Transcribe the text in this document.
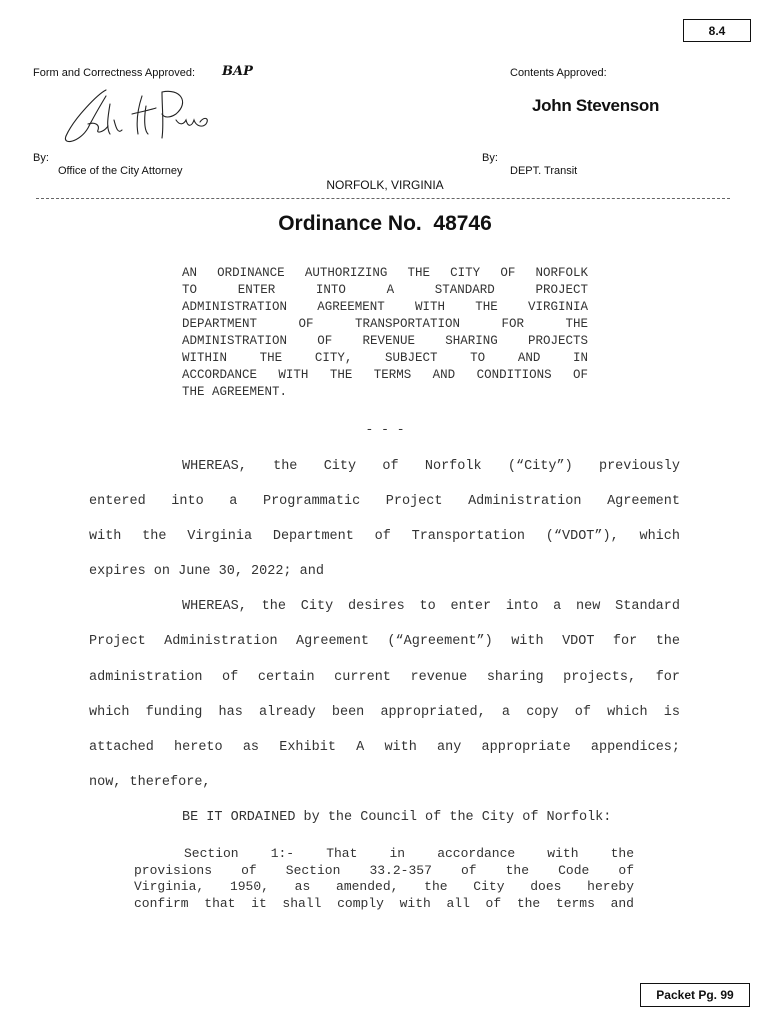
8.4
Form and Correctness Approved: BAP	Contents Approved:
John Stevenson
By:
Office of the City Attorney
By:
DEPT. Transit
NORFOLK, VIRGINIA
Ordinance No.  48746
AN ORDINANCE AUTHORIZING THE CITY OF NORFOLK
TO ENTER INTO A STANDARD PROJECT
ADMINISTRATION AGREEMENT WITH THE VIRGINIA
DEPARTMENT OF TRANSPORTATION FOR THE
ADMINISTRATION OF REVENUE SHARING PROJECTS
WITHIN THE CITY, SUBJECT TO AND IN
ACCORDANCE WITH THE TERMS AND CONDITIONS OF
THE AGREEMENT.
- - -
WHEREAS, the City of Norfolk (“City”) previously
entered into a Programmatic Project Administration Agreement
with the Virginia Department of Transportation (“VDOT”), which
expires on June 30, 2022; and
WHEREAS, the City desires to enter into a new Standard
Project Administration Agreement (“Agreement”) with VDOT for the
administration of certain current revenue sharing projects, for
which funding has already been appropriated, a copy of which is
attached hereto as Exhibit A with any appropriate appendices;
now, therefore,
BE IT ORDAINED by the Council of the City of Norfolk:
Section 1:- That in accordance with the
provisions of Section 33.2-357 of the Code of
Virginia, 1950, as amended, the City does hereby
confirm that it shall comply with all of the terms and
Packet Pg. 99
